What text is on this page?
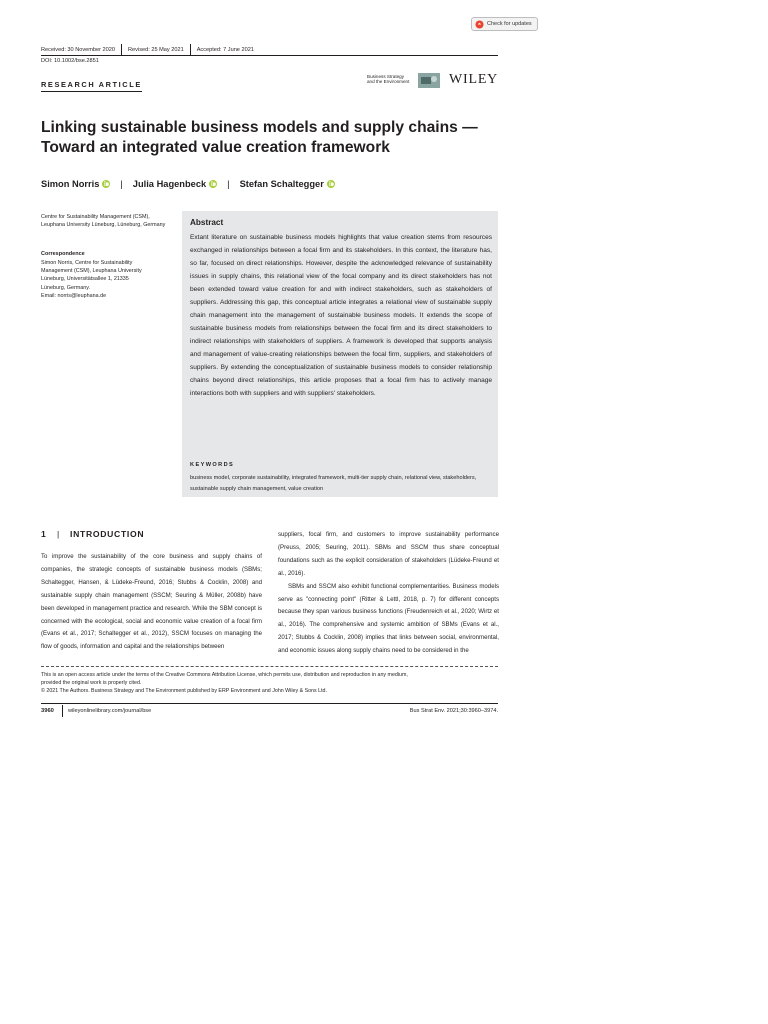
Check for updates
Received: 30 November 2020 Revised: 25 May 2021 Accepted: 7 June 2021
DOI: 10.1002/bse.2851
RESEARCH ARTICLE
Business Strategy
and the Environment	WILEY
Linking sustainable business models and supply chains — Toward an integrated value creation framework
Simon Norris | Julia Hagenbeck | Stefan Schaltegger
Centre for Sustainability Management (CSM), Leuphana University Lüneburg, Lüneburg, Germany
Correspondence
Simon Norris, Centre for Sustainability
Management (CSM), Leuphana University
Lüneburg, Universitätsallee 1, 21335
Lüneburg, Germany.
Email: norris@leuphana.de
Abstract
Extant literature on sustainable business models highlights that value creation stems from resources exchanged in relationships between a focal firm and its stakeholders. In this context, the literature has, so far, focused on direct relationships. However, despite the acknowledged relevance of sustainability issues in supply chains, this relational view of the focal company and its direct stakeholders has not been extended toward value creation for and with indirect stakeholders, such as stakeholders of suppliers. Addressing this gap, this conceptual article integrates a relational view of sustainable supply chain management into the management of sustainable business models. It extends the scope of sustainable business models from relationships between the focal firm and its direct stakeholders to indirect relationships with stakeholders of suppliers. A framework is developed that supports analysis and management of value-creating relationships between the focal firm, suppliers, and stakeholders of suppliers. By extending the conceptualization of sustainable business models to consider relationship chains beyond direct relationships, this article proposes that a focal firm has to actively manage interactions both with suppliers and with suppliers' stakeholders.
KEYWORDS
business model, corporate sustainability, integrated framework, multi-tier supply chain, relational view, stakeholders, sustainable supply chain management, value creation
1 | INTRODUCTION

To improve the sustainability of the core business and supply chains of companies, the strategic concepts of sustainable business models (SBMs; Schaltegger, Hansen, & Lüdeke-Freund, 2016; Stubbs & Cocklin, 2008) and sustainable supply chain management (SSCM; Seuring & Müller, 2008b) have been developed in management practice and research. While the SBM concept is concerned with the ecological, social and economic value creation of a focal firm (Evans et al., 2017; Schaltegger et al., 2012), SSCM focuses on managing the flow of goods, information and capital and the relationships between

suppliers, focal firm, and customers to improve sustainability performance (Preuss, 2005; Seuring, 2011). SBMs and SSCM thus share conceptual foundations such as the explicit consideration of stakeholders (Lüdeke-Freund et al., 2016).

SBMs and SSCM also exhibit functional complementarities. Business models serve as "connecting point" (Ritter & Lettl, 2018, p. 7) for different concepts because they span various business functions (Freudenreich et al., 2020; Wirtz et al., 2016). The comprehensive and systemic ambition of SBMs (Evans et al., 2017; Stubbs & Cocklin, 2008) implies that links between social, environmental, and economic issues along supply chains need to be considered in the

This is an open access article under the terms of the Creative Commons Attribution License, which permits use, distribution and reproduction in any medium,
provided the original work is properly cited.
© 2021 The Authors. Business Strategy and The Environment published by ERP Environment and John Wiley & Sons Ltd.
3960	wileyonlinelibrary.com/journal/bse	Bus Strat Env. 2021;30:3960–3974.
